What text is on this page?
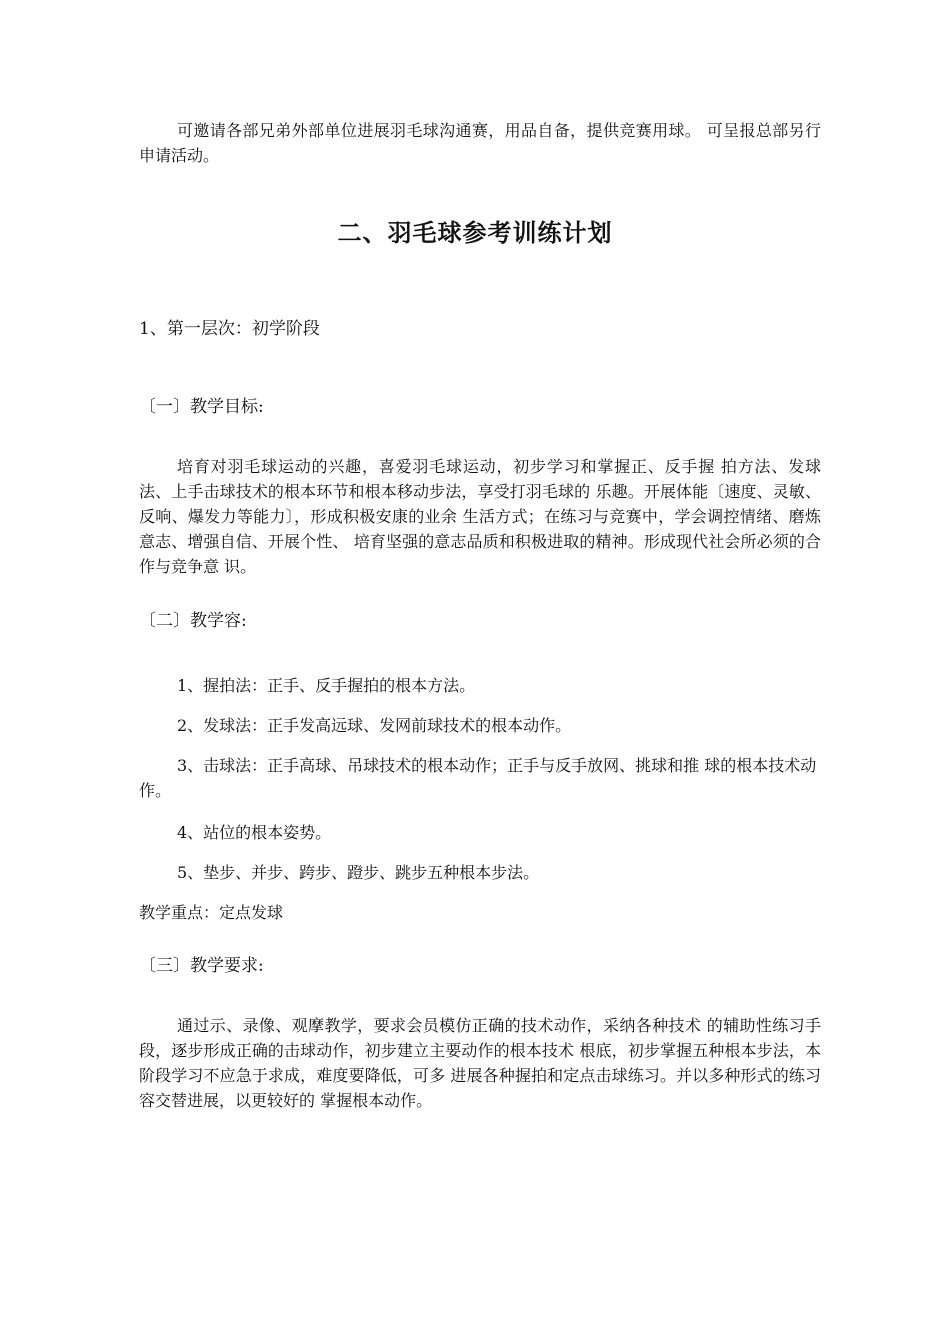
可邀请各部兄弟外部单位进展羽毛球沟通赛，用品自备，提供竞赛用球。 可呈报总部另行申请活动。

二、羽毛球参考训练计划

1、第一层次：初学阶段

〔一〕教学目标:

培育对羽毛球运动的兴趣，喜爱羽毛球运动，初步学习和掌握正、反手握 拍方法、发球法、上手击球技术的根本环节和根本移动步法，享受打羽毛球的 乐趣。开展体能〔速度、灵敏、反响、爆发力等能力〕，形成积极安康的业余 生活方式；在练习与竞赛中，学会调控情绪、磨炼意志、增强自信、开展个性、 培育坚强的意志品质和积极进取的精神。形成现代社会所必须的合作与竞争意 识。

〔二〕教学容:

1、握拍法：正手、反手握拍的根本方法。

2、发球法：正手发高远球、发网前球技术的根本动作。

3、击球法：正手高球、吊球技术的根本动作；正手与反手放网、挑球和推 球的根本技术动作。

4、站位的根本姿势。

5、垫步、并步、跨步、蹬步、跳步五种根本步法。

教学重点：定点发球

〔三〕教学要求:

通过示、录像、观摩教学，要求会员模仿正确的技术动作，采纳各种技术 的辅助性练习手段，逐步形成正确的击球动作，初步建立主要动作的根本技术 根底，初步掌握五种根本步法，本阶段学习不应急于求成，难度要降低，可多 进展各种握拍和定点击球练习。并以多种形式的练习容交替进展，以更较好的 掌握根本动作。
